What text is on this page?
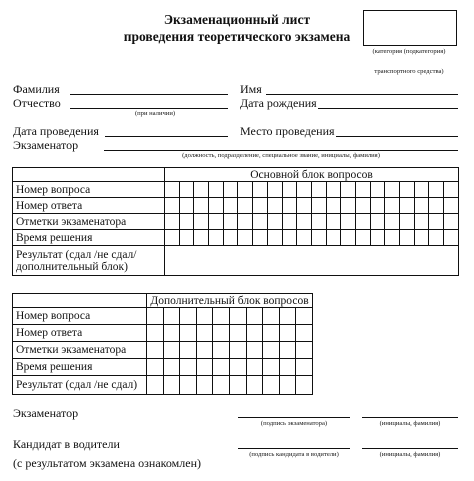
Экзаменационный лист
проведения теоретического экзамена
(категория (подкатегория)
транспортного средства)
Фамилия	Имя
Отчество
(при наличии)
Дата рождения
Дата проведения	Место проведения
Экзаменатор
(должность, подразделение, специальное звание, инициалы, фамилия)
	Основной блок вопросов																			
Номер вопроса																				
Номер ответа																				
Отметки экзаменатора																				
Время решения																				
Результат (сдал /не сдал/ дополнительный блок)																				
	Дополнительный блок вопросов									
Номер вопроса										
Номер ответа										
Отметки экзаменатора										
Время решения										
Результат (сдал /не сдал)										
Экзаменатор
(подпись экзаменатора)	(инициалы, фамилия)
Кандидат в водители
(с результатом экзамена ознакомлен)
(подпись кандидата в водители)	(инициалы, фамилия)
